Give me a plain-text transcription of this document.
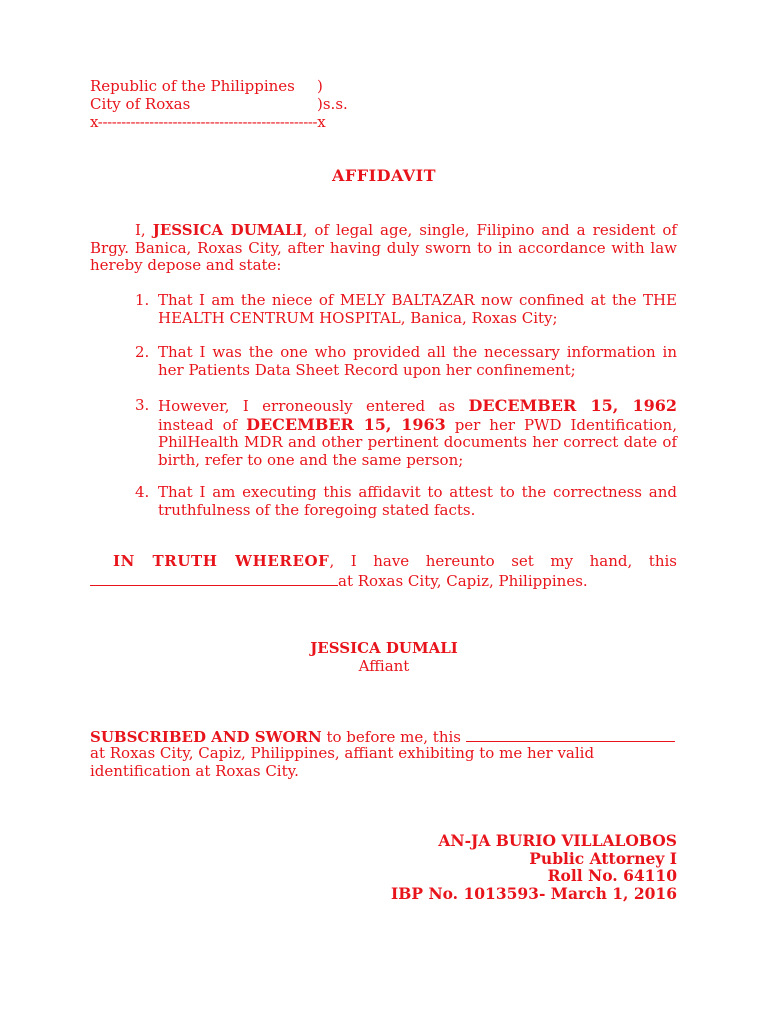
Republic of the Philippines )
City of Roxas	)s.s.
x-----------------------------------------------x
AFFIDAVIT
I, JESSICA DUMALI, of legal age, single, Filipino and a resident of Brgy. Banica, Roxas City, after having duly sworn to in accordance with law hereby depose and state:
1. That I am the niece of MELY BALTAZAR now confined at the THE HEALTH CENTRUM HOSPITAL, Banica, Roxas City;
2. That I was the one who provided all the necessary information in her Patients Data Sheet Record upon her confinement;
3. However, I erroneously entered as DECEMBER 15, 1962 instead of DECEMBER 15, 1963 per her PWD Identification, PhilHealth MDR and other pertinent documents her correct date of birth, refer to one and the same person;
4. That I am executing this affidavit to attest to the correctness and truthfulness of the foregoing stated facts.
IN TRUTH WHEREOF, I have hereunto set my hand, this
at Roxas City, Capiz, Philippines.
JESSICA DUMALI
Affiant
SUBSCRIBED AND SWORN to before me, this
at Roxas City, Capiz, Philippines, affiant exhibiting to me her valid
identification at Roxas City.
AN-JA BURIO VILLALOBOS
Public Attorney I
Roll No. 64110
IBP No. 1013593- March 1, 2016
